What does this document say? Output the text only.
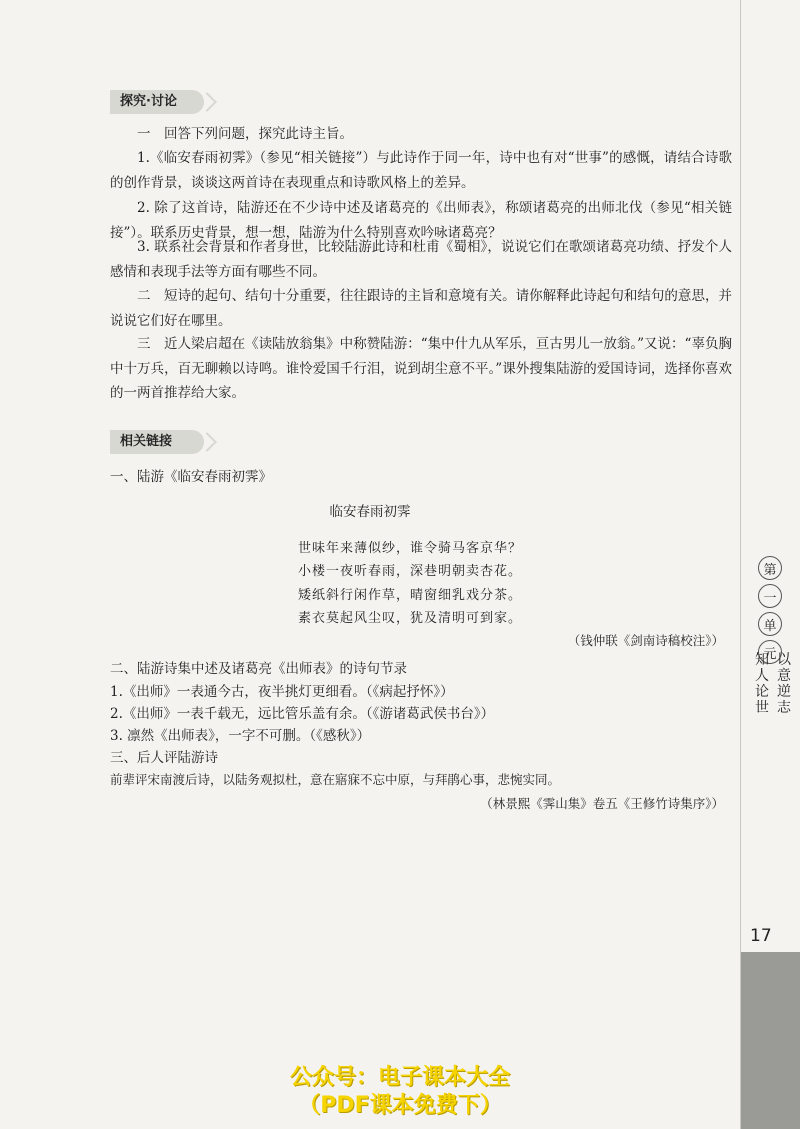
第
一
单
元 以意逆志
知人论世
17
探究·讨论

一　回答下列问题，探究此诗主旨。

1.《临安春雨初霁》（参见“相关链接”）与此诗作于同一年，诗中也有对“世事”的感慨，请结合诗歌的创作背景，谈谈这两首诗在表现重点和诗歌风格上的差异。

2. 除了这首诗，陆游还在不少诗中述及诸葛亮的《出师表》，称颂诸葛亮的出师北伐（参见“相关链接”）。联系历史背景，想一想，陆游为什么特别喜欢吟咏诸葛亮？

3. 联系社会背景和作者身世，比较陆游此诗和杜甫《蜀相》，说说它们在歌颂诸葛亮功绩、抒发个人感情和表现手法等方面有哪些不同。

二　短诗的起句、结句十分重要，往往跟诗的主旨和意境有关。请你解释此诗起句和结句的意思，并说说它们好在哪里。

三　近人梁启超在《读陆放翁集》中称赞陆游：“集中什九从军乐，亘古男儿一放翁。”又说：“辜负胸中十万兵，百无聊赖以诗鸣。谁怜爱国千行泪，说到胡尘意不平。”课外搜集陆游的爱国诗词，选择你喜欢的一两首推荐给大家。

相关链接

一、陆游《临安春雨初霁》

临安春雨初霁
世味年来薄似纱，谁令骑马客京华？
小楼一夜听春雨，深巷明朝卖杏花。
矮纸斜行闲作草，晴窗细乳戏分茶。
素衣莫起风尘叹，犹及清明可到家。
（钱仲联《剑南诗稿校注》）

二、陆游诗集中述及诸葛亮《出师表》的诗句节录

1.《出师》一表通今古，夜半挑灯更细看。（《病起抒怀》）

2.《出师》一表千载无，远比管乐盖有余。（《游诸葛武侯书台》）

3. 凛然《出师表》，一字不可删。（《感秋》）

三、后人评陆游诗

前辈评宋南渡后诗，以陆务观拟杜，意在寤寐不忘中原，与拜鹃心事，悲惋实同。

（林景熙《霁山集》卷五《王修竹诗集序》）
公众号：电子课本大全
（PDF课本免费下）
